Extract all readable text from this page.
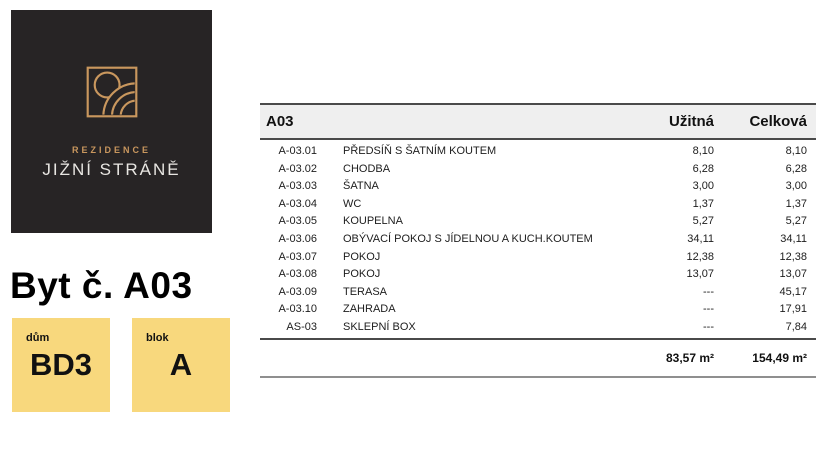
REZIDENCE
JIŽNÍ STRÁNĚ
Byt č. A03
dům
BD3
blok
A
A03		Užitná	Celková
A-03.01	PŘEDSÍŇ S ŠATNÍM KOUTEM	8,10	8,10
A-03.02	CHODBA	6,28	6,28
A-03.03	ŠATNA	3,00	3,00
A-03.04	WC	1,37	1,37
A-03.05	KOUPELNA	5,27	5,27
A-03.06	OBÝVACÍ POKOJ S JÍDELNOU A KUCH.KOUTEM	34,11	34,11
A-03.07	POKOJ	12,38	12,38
A-03.08	POKOJ	13,07	13,07
A-03.09	TERASA	---	45,17
A-03.10	ZAHRADA	---	17,91
AS-03	SKLEPNÍ BOX	---	7,84
		83,57 m²	154,49 m²
